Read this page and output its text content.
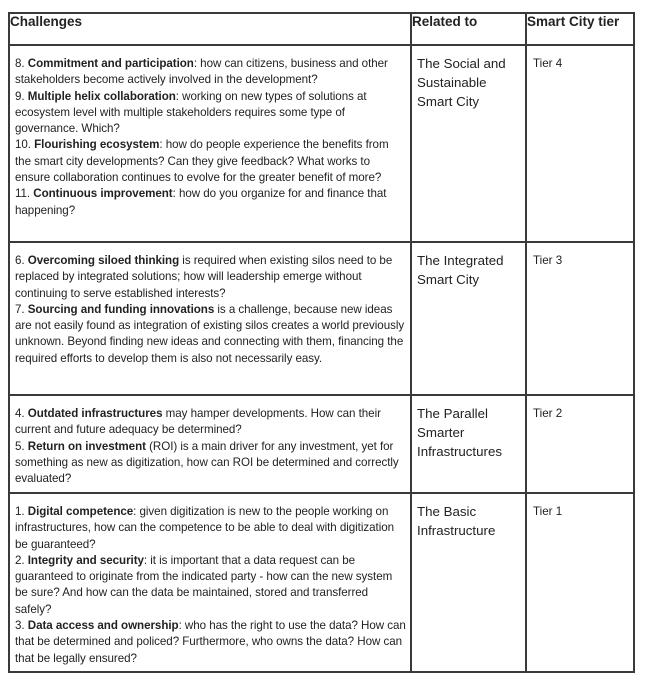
Challenges	Related to	Smart City tier

8. Commitment and participation: how can citizens, business and other stakeholders become actively involved in the development?
9. Multiple helix collaboration: working on new types of solutions at ecosystem level with multiple stakeholders requires some type of governance. Which?
10. Flourishing ecosystem: how do people experience the benefits from the smart city developments? Can they give feedback? What works to ensure collaboration continues to evolve for the greater benefit of more?
11. Continuous improvement: how do you organize for and finance that happening?	The Social and Sustainable Smart City	Tier 4

6. Overcoming siloed thinking is required when existing silos need to be replaced by integrated solutions; how will leadership emerge without continuing to serve established interests?
7. Sourcing and funding innovations is a challenge, because new ideas are not easily found as integration of existing silos creates a world previously unknown. Beyond finding new ideas and connecting with them, financing the required efforts to develop them is also not necessarily easy.	The Integrated Smart City	Tier 3

4. Outdated infrastructures may hamper developments. How can their current and future adequacy be determined?
5. Return on investment (ROI) is a main driver for any investment, yet for something as new as digitization, how can ROI be determined and correctly evaluated?	The Parallel Smarter Infrastructures	Tier 2

1. Digital competence: given digitization is new to the people working on infrastructures, how can the competence to be able to deal with digitization be guaranteed?
2. Integrity and security: it is important that a data request can be guaranteed to originate from the indicated party - how can the new system be sure? And how can the data be maintained, stored and transferred safely?
3. Data access and ownership: who has the right to use the data? How can that be determined and policed? Furthermore, who owns the data? How can that be legally ensured?	The Basic Infrastructure	Tier 1
